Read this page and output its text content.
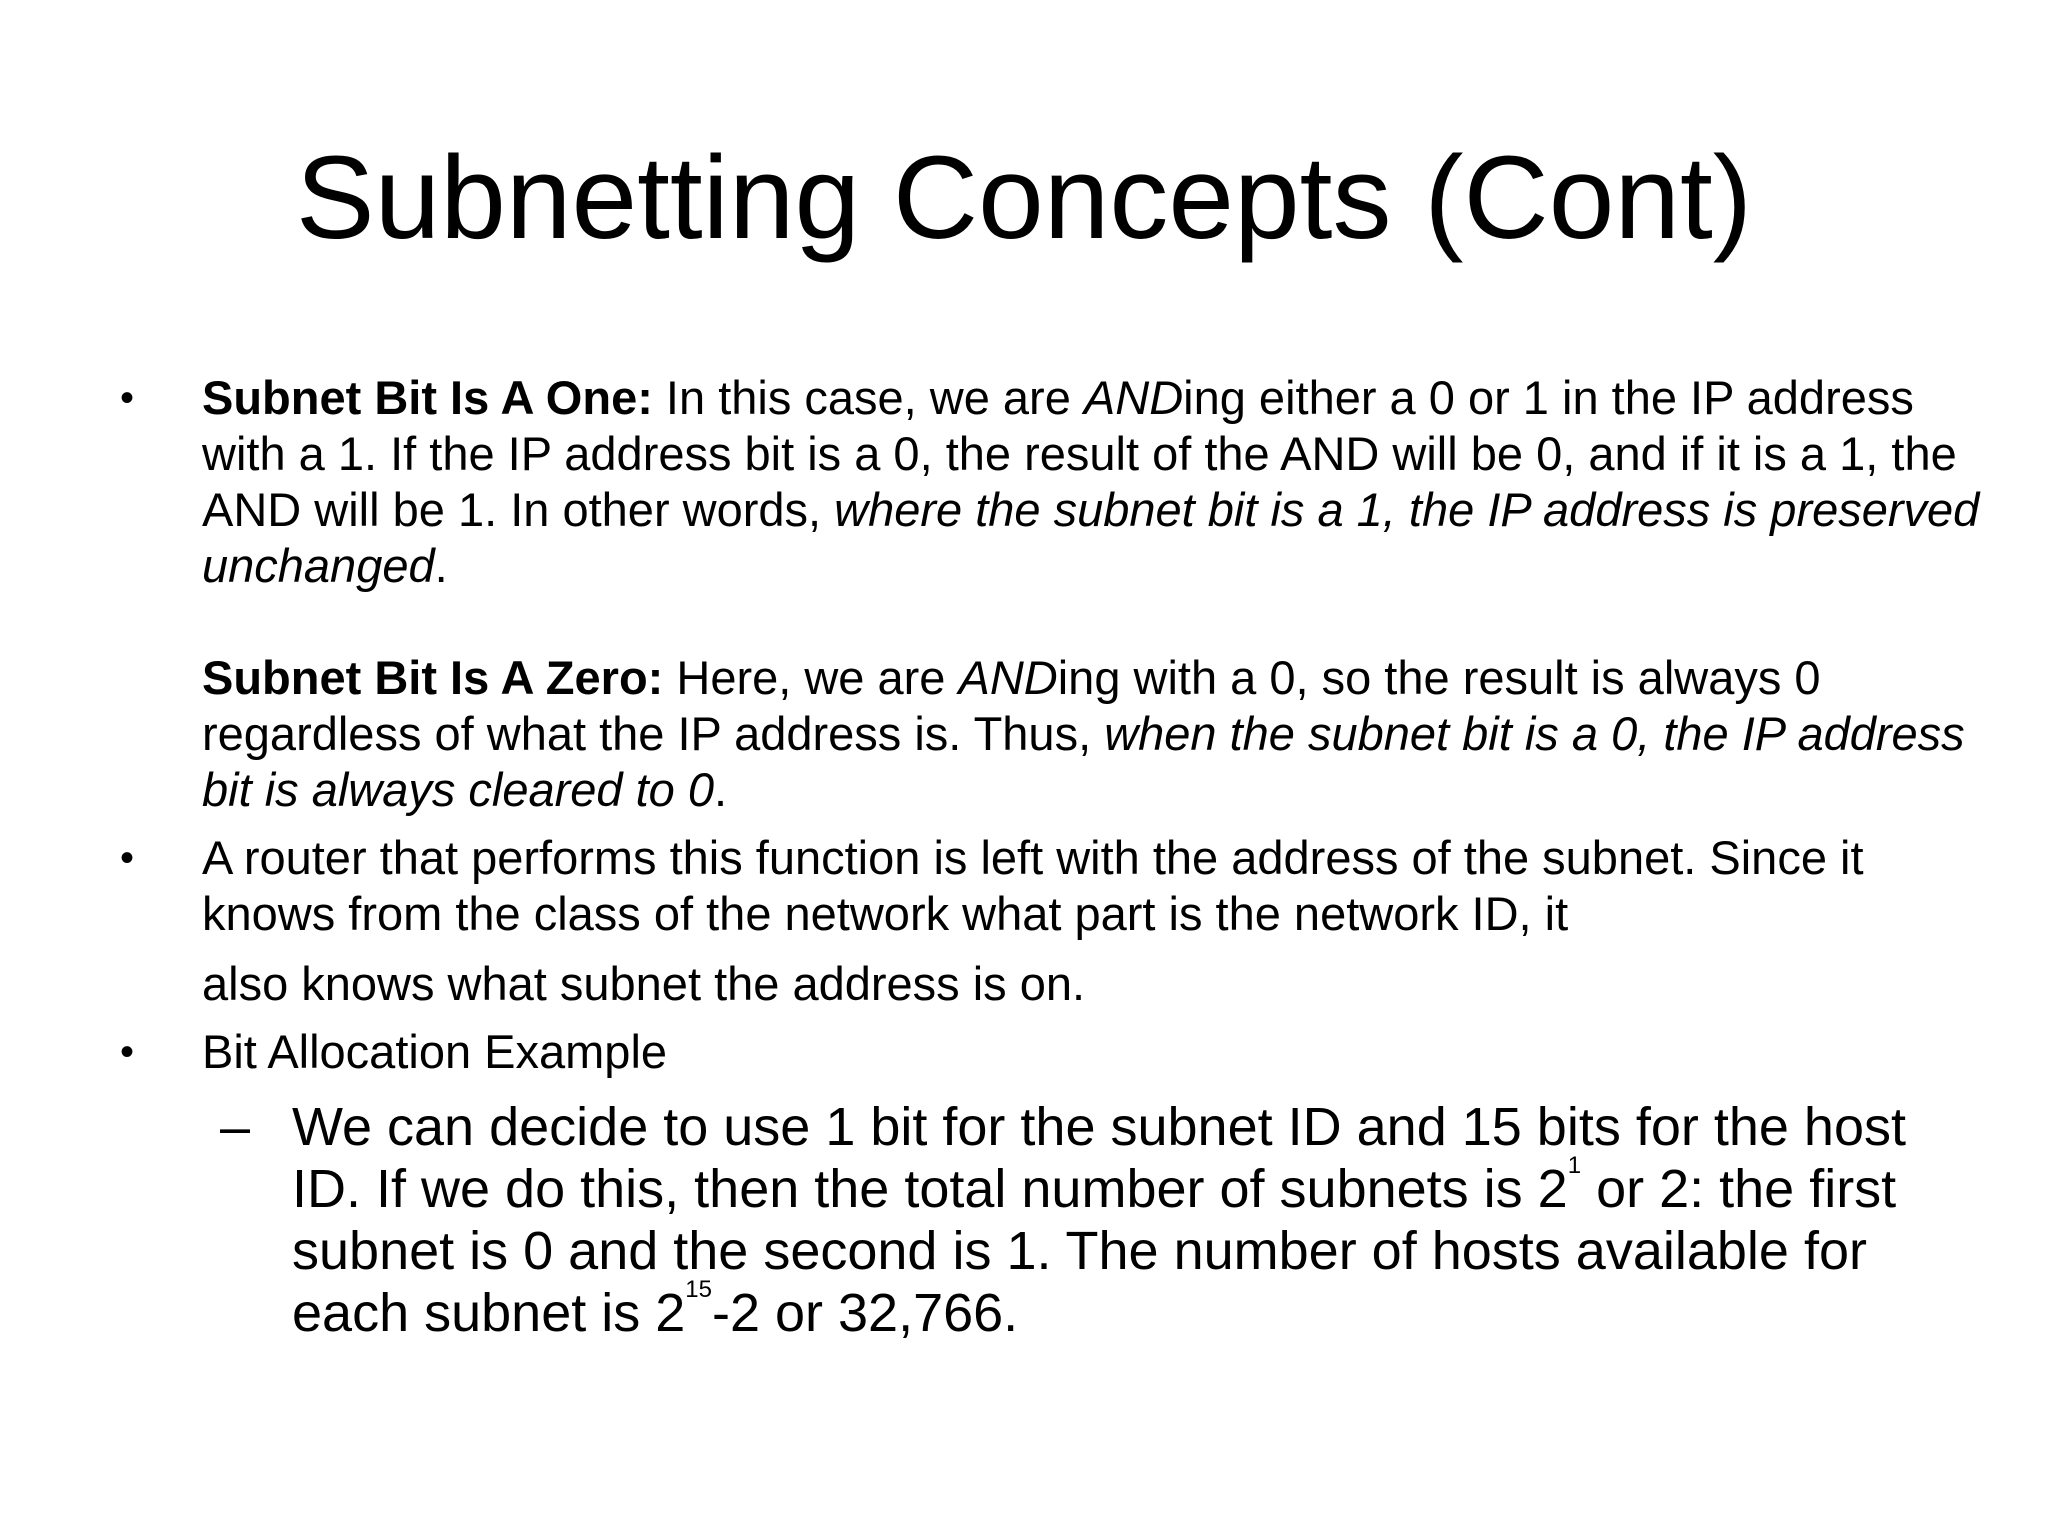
Subnetting Concepts (Cont)
•
Subnet Bit Is A One: In this case, we are ANDing either a 0 or 1 in the IP address with a 1. If the IP address bit is a 0, the result of the AND will be 0, and if it is a 1, the AND will be 1. In other words, where the subnet bit is a 1, the IP address is preserved unchanged.
Subnet Bit Is A Zero: Here, we are ANDing with a 0, so the result is always 0 regardless of what the IP address is. Thus, when the subnet bit is a 0, the IP address bit is always cleared to 0.
•
A router that performs this function is left with the address of the subnet. Since it knows from the class of the network what part is the network ID, it
also knows what subnet the address is on.
•
Bit Allocation Example
–
We can decide to use 1 bit for the subnet ID and 15 bits for the host ID. If we do this, then the total number of subnets is $2^1$ or 2: the first subnet is 0 and the second is 1. The number of hosts available for each subnet is $2^{15}-2$ or 32,766.
